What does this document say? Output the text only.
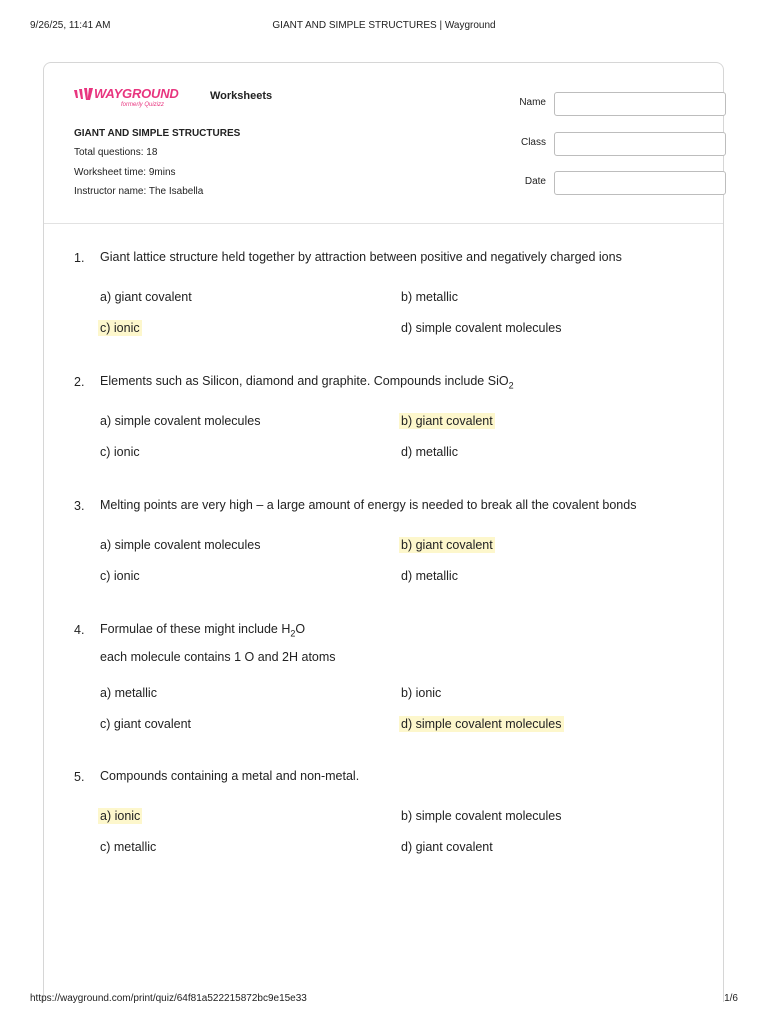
9/26/25, 11:41 AM	GIANT AND SIMPLE STRUCTURES | Wayground
WAYGROUND
formerly Quizizz
Worksheets
GIANT AND SIMPLE STRUCTURES
Total questions: 18
Worksheet time: 9mins
Instructor name: The Isabella
Name
Class
Date
1. Giant lattice structure held together by attraction between positive and negatively charged ions
a) giant covalent	b) metallic
c) ionic	d) simple covalent molecules
2. Elements such as Silicon, diamond and graphite. Compounds include SiO$_2$
a) simple covalent molecules	b) giant covalent
c) ionic	d) metallic
3. Melting points are very high – a large amount of energy is needed to break all the covalent bonds
a) simple covalent molecules	b) giant covalent
c) ionic	d) metallic
4. Formulae of these might include $H_2O$
each molecule contains 1 O and 2H atoms
a) metallic	b) ionic
c) giant covalent	d) simple covalent molecules
5. Compounds containing a metal and non-metal.
a) ionic	b) simple covalent molecules
c) metallic	d) giant covalent
https://wayground.com/print/quiz/64f81a522215872bc9e15e33	1/6
